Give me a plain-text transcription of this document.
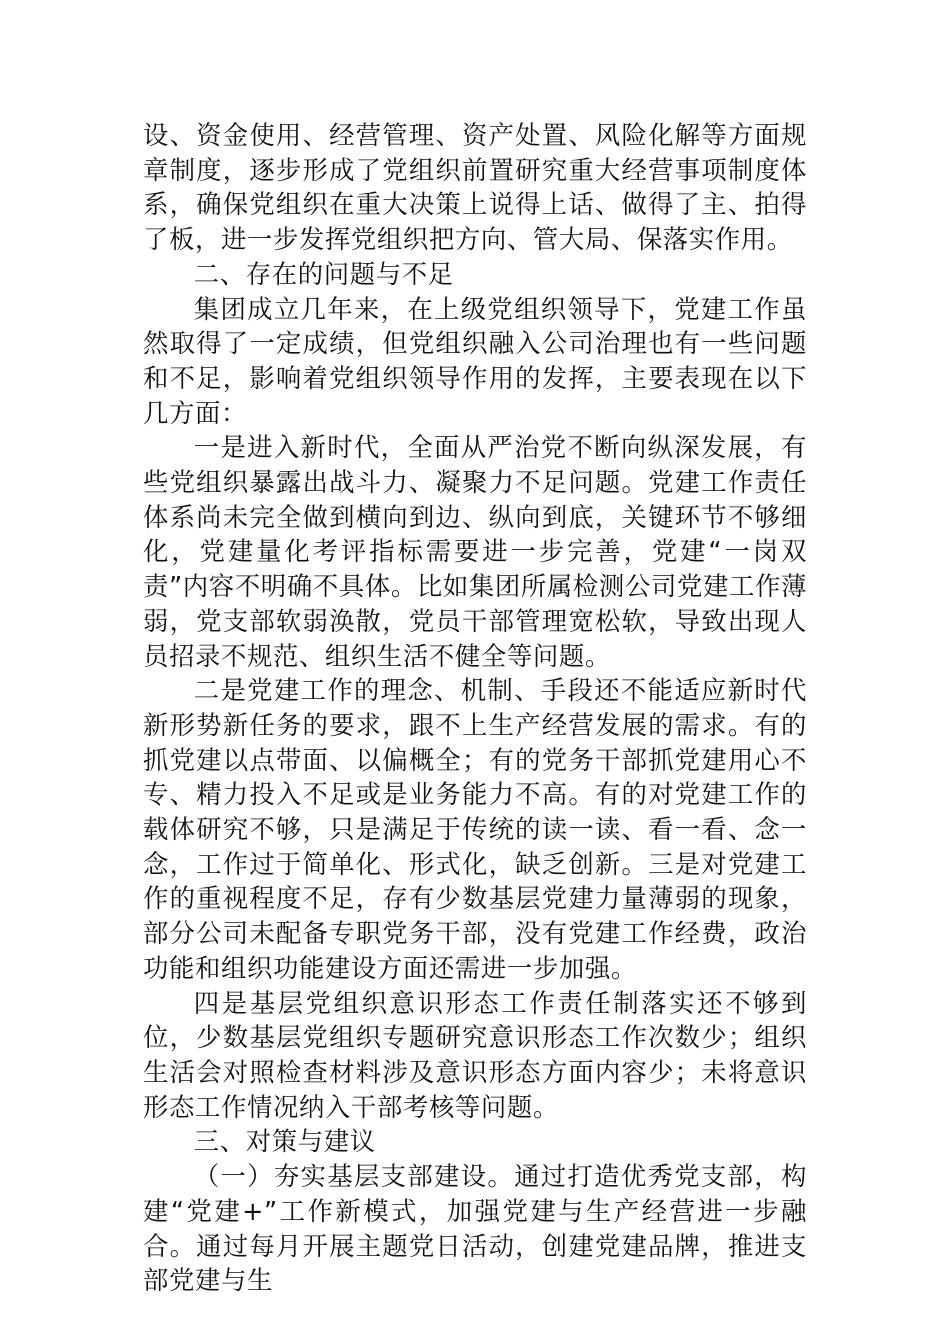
设、资金使用、经营管理、资产处置、风险化解等方面规章制度，逐步形成了党组织前置研究重大经营事项制度体系，确保党组织在重大决策上说得上话、做得了主、拍得了板，进一步发挥党组织把方向、管大局、保落实作用。

二、存在的问题与不足

集团成立几年来，在上级党组织领导下，党建工作虽然取得了一定成绩，但党组织融入公司治理也有一些问题和不足，影响着党组织领导作用的发挥，主要表现在以下几方面：

一是进入新时代，全面从严治党不断向纵深发展，有些党组织暴露出战斗力、凝聚力不足问题。党建工作责任体系尚未完全做到横向到边、纵向到底，关键环节不够细化，党建量化考评指标需要进一步完善，党建“一岗双责”内容不明确不具体。比如集团所属检测公司党建工作薄弱，党支部软弱涣散，党员干部管理宽松软，导致出现人员招录不规范、组织生活不健全等问题。

二是党建工作的理念、机制、手段还不能适应新时代新形势新任务的要求，跟不上生产经营发展的需求。有的抓党建以点带面、以偏概全；有的党务干部抓党建用心不专、精力投入不足或是业务能力不高。有的对党建工作的载体研究不够，只是满足于传统的读一读、看一看、念一念，工作过于简单化、形式化，缺乏创新。三是对党建工作的重视程度不足，存有少数基层党建力量薄弱的现象，部分公司未配备专职党务干部，没有党建工作经费，政治功能和组织功能建设方面还需进一步加强。

四是基层党组织意识形态工作责任制落实还不够到位，少数基层党组织专题研究意识形态工作次数少；组织生活会对照检查材料涉及意识形态方面内容少；未将意识形态工作情况纳入干部考核等问题。

三、对策与建议

（一）夯实基层支部建设。通过打造优秀党支部，构建“党建+”工作新模式，加强党建与生产经营进一步融合。通过每月开展主题党日活动，创建党建品牌，推进支部党建与生
